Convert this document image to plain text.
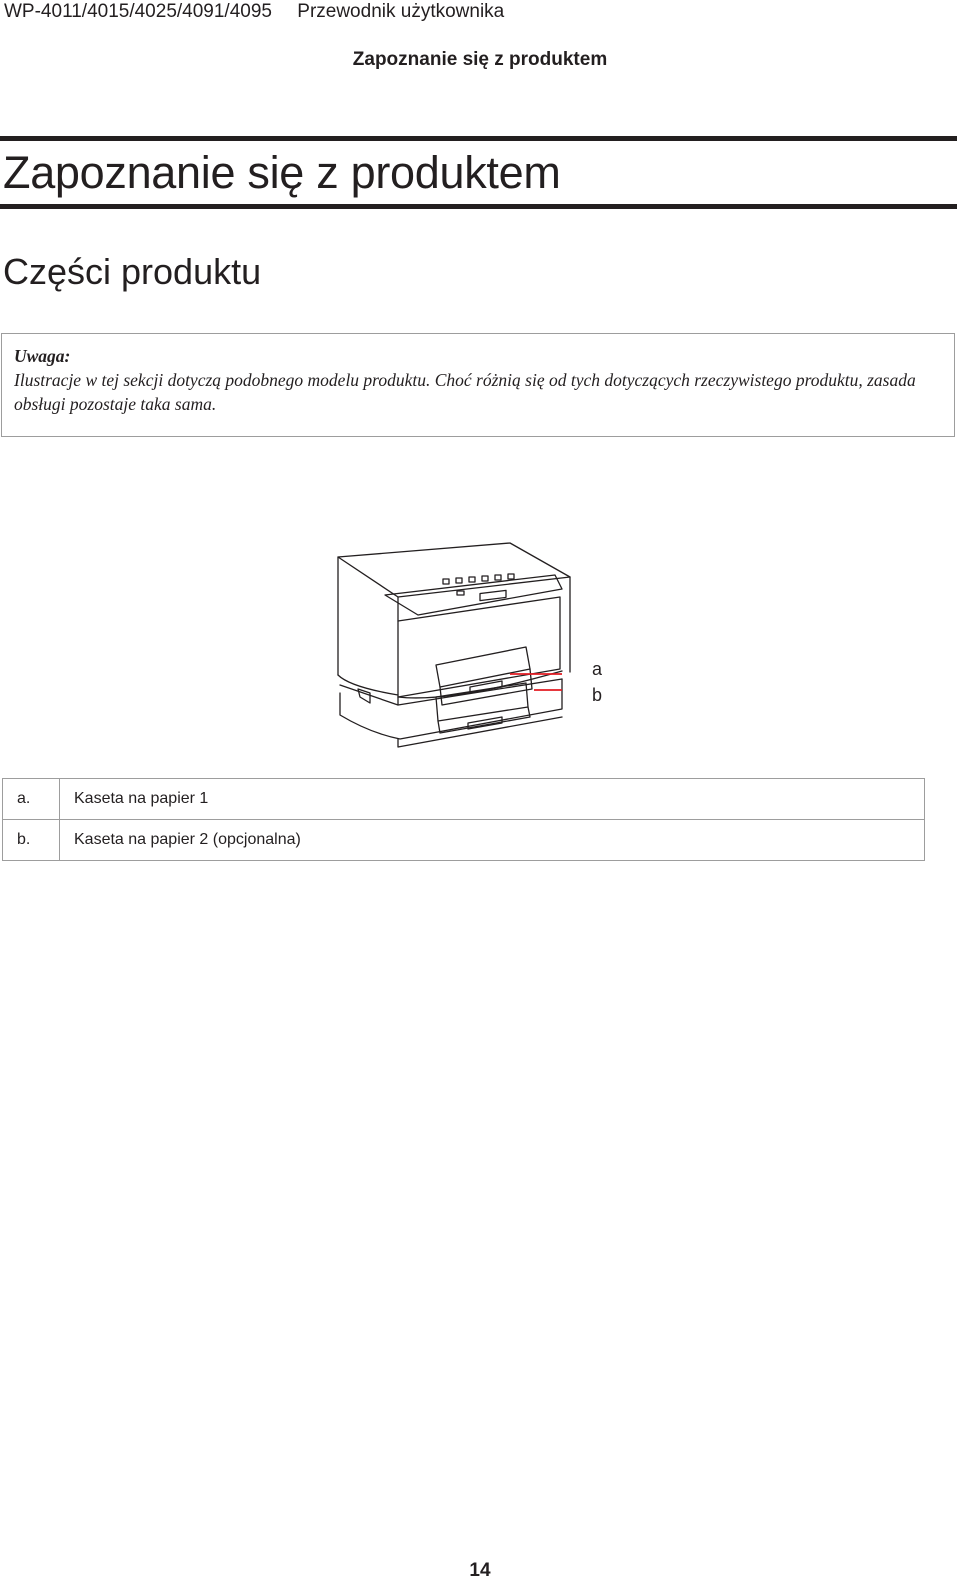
WP-4011/4015/4025/4091/4095 Przewodnik użytkownika
Zapoznanie się z produktem
Zapoznanie się z produktem
Części produktu
Uwaga:
Ilustracje w tej sekcji dotyczą podobnego modelu produktu. Choć różnią się od tych dotyczących rzeczywistego produktu, zasada obsługi pozostaje taka sama.
a
b
a.	Kaseta na papier 1
b.	Kaseta na papier 2 (opcjonalna)
14
